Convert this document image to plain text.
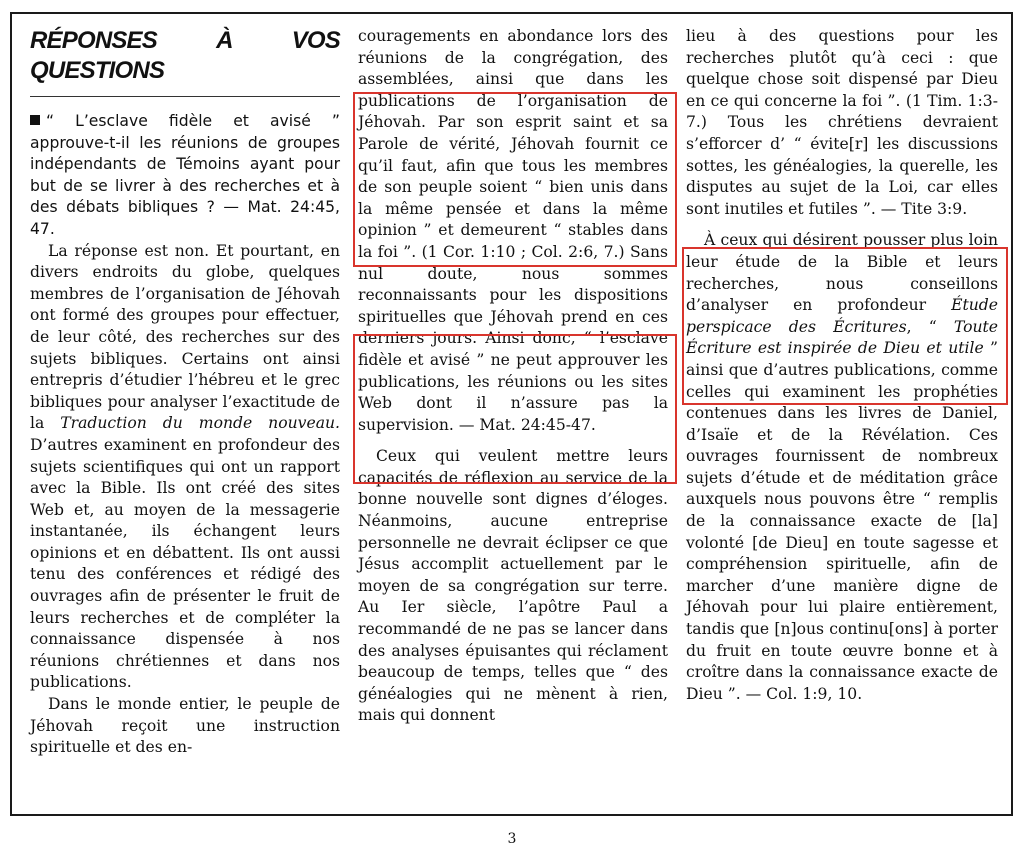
RÉPONSES À VOS QUESTIONS

“ L’esclave fidèle et avisé ” approuve-t-il les réunions de groupes indépendants de Témoins ayant pour but de se livrer à des recherches et à des débats bibliques ? — Mat. 24:45, 47.

La réponse est non. Et pourtant, en divers endroits du globe, quelques membres de l’organisation de Jéhovah ont formé des groupes pour effectuer, de leur côté, des recherches sur des sujets bibliques. Certains ont ainsi entrepris d’étudier l’hébreu et le grec bibliques pour analyser l’exactitude de la Traduction du monde nouveau. D’autres examinent en profondeur des sujets scientifiques qui ont un rapport avec la Bible. Ils ont créé des sites Web et, au moyen de la messagerie instantanée, ils échangent leurs opinions et en débattent. Ils ont aussi tenu des conférences et rédigé des ouvrages afin de présenter le fruit de leurs recherches et de compléter la connaissance dispensée à nos réunions chrétiennes et dans nos publications.

Dans le monde entier, le peuple de Jéhovah reçoit une instruction spirituelle et des en-

couragements en abondance lors des réunions de la congrégation, des assemblées, ainsi que dans les publications de l’organisation de Jéhovah. Par son esprit saint et sa Parole de vérité, Jéhovah fournit ce qu’il faut, afin que tous les membres de son peuple soient “ bien unis dans la même pensée et dans la même opinion ” et demeurent “ stables dans la foi ”. (1 Cor. 1:10 ; Col. 2:6, 7.) Sans nul doute, nous sommes reconnaissants pour les dispositions spirituelles que Jéhovah prend en ces derniers jours. Ainsi donc, “ l’esclave fidèle et avisé ” ne peut approuver les publications, les réunions ou les sites Web dont il n’assure pas la supervision. — Mat. 24:45-47.

Ceux qui veulent mettre leurs capacités de réflexion au service de la bonne nouvelle sont dignes d’éloges. Néanmoins, aucune entreprise personnelle ne devrait éclipser ce que Jésus accomplit actuellement par le moyen de sa congrégation sur terre. Au Ier siècle, l’apôtre Paul a recommandé de ne pas se lancer dans des analyses épuisantes qui réclament beaucoup de temps, telles que “ des généalogies qui ne mènent à rien, mais qui donnent

lieu à des questions pour les recherches plutôt qu’à ceci : que quelque chose soit dispensé par Dieu en ce qui concerne la foi ”. (1 Tim. 1:3-7.) Tous les chrétiens devraient s’efforcer d’ “ évite[r] les discussions sottes, les généalogies, la querelle, les disputes au sujet de la Loi, car elles sont inutiles et futiles ”. — Tite 3:9.

À ceux qui désirent pousser plus loin leur étude de la Bible et leurs recherches, nous conseillons d’analyser en profondeur Étude perspicace des Écritures, “ Toute Écriture est inspirée de Dieu et utile ” ainsi que d’autres publications, comme celles qui examinent les prophéties contenues dans les livres de Daniel, d’Isaïe et de la Révélation. Ces ouvrages fournissent de nombreux sujets d’étude et de méditation grâce auxquels nous pouvons être “ remplis de la connaissance exacte de [la] volonté [de Dieu] en toute sagesse et compréhension spirituelle, afin de marcher d’une manière digne de Jéhovah pour lui plaire entièrement, tandis que [n]ous continu[ons] à porter du fruit en toute œuvre bonne et à croître dans la connaissance exacte de Dieu ”. — Col. 1:9, 10.

3
